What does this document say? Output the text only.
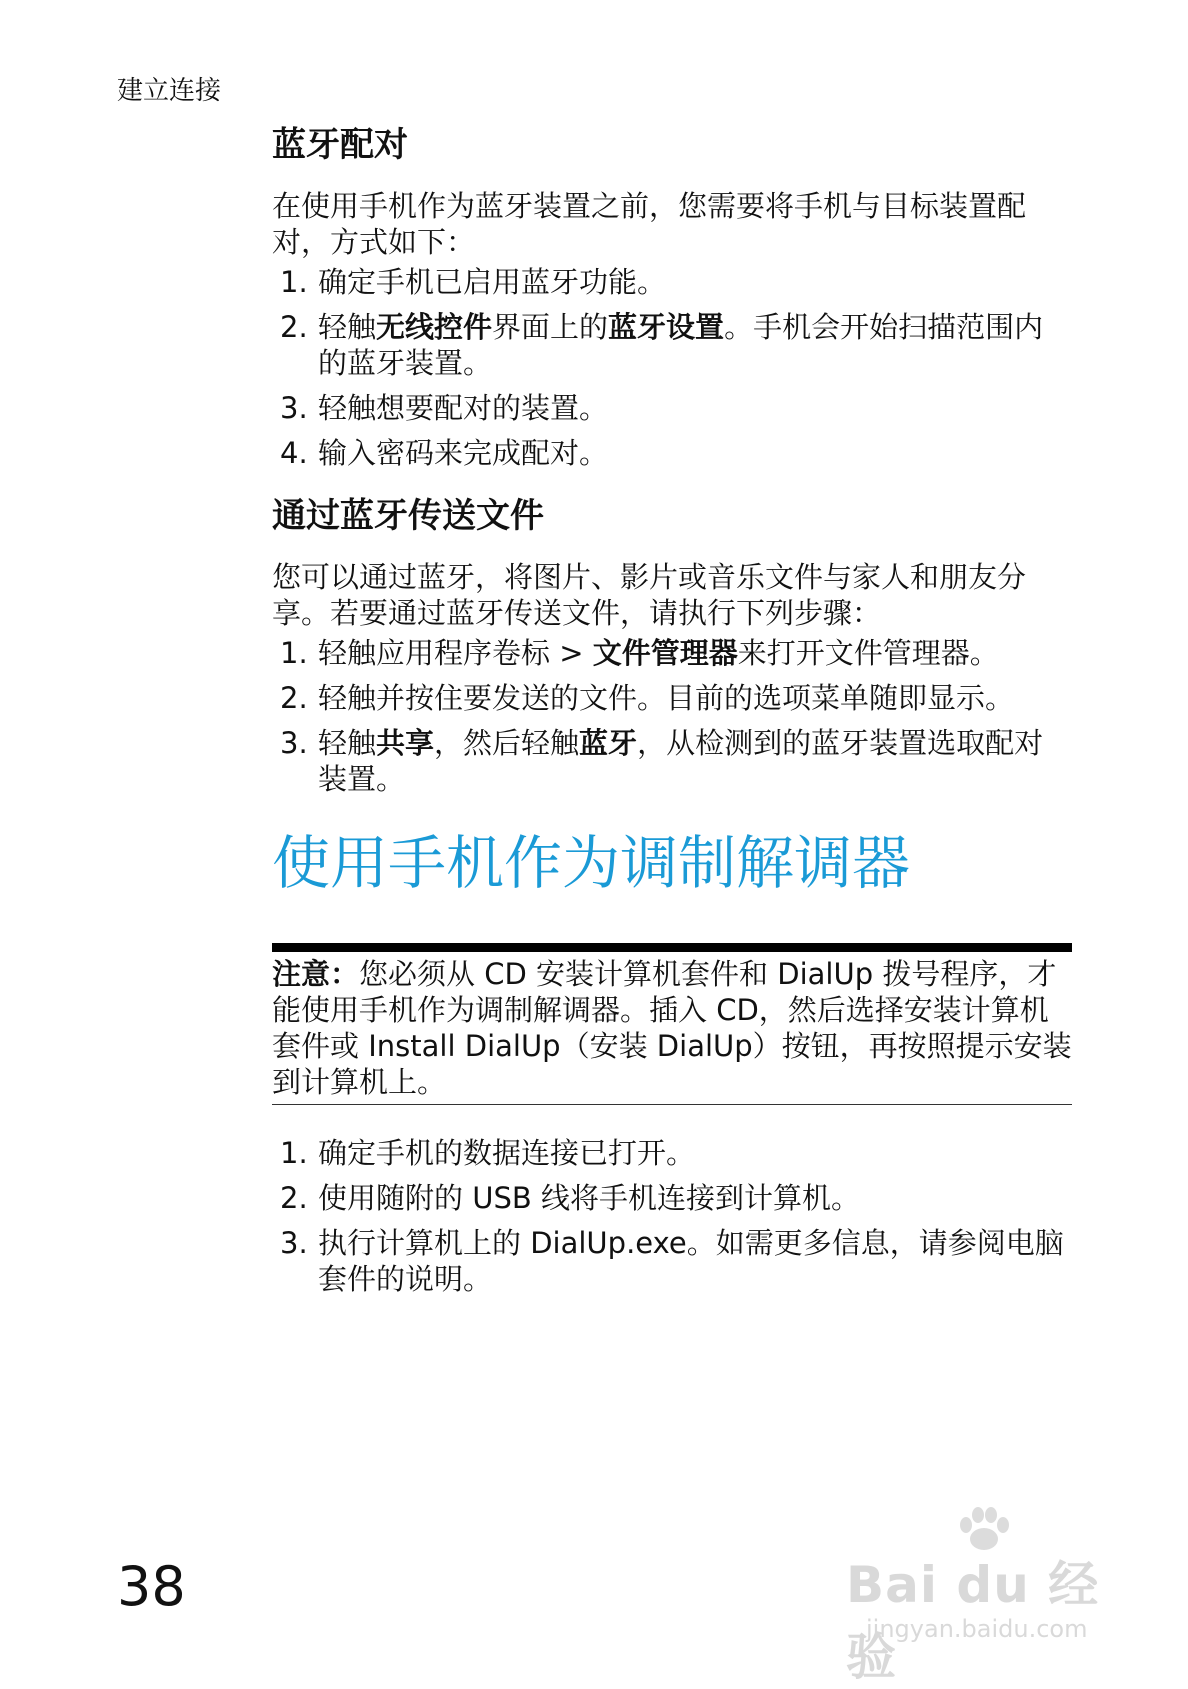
建立连接
蓝牙配对

在使用手机作为蓝牙装置之前，您需要将手机与目标装置配对，方式如下：

1. 确定手机已启用蓝牙功能。
2. 轻触无线控件界面上的蓝牙设置。手机会开始扫描范围内的蓝牙装置。
3. 轻触想要配对的装置。
4. 输入密码来完成配对。
通过蓝牙传送文件

您可以通过蓝牙，将图片、影片或音乐文件与家人和朋友分享。若要通过蓝牙传送文件，请执行下列步骤：

1. 轻触应用程序卷标 > 文件管理器来打开文件管理器。
2. 轻触并按住要发送的文件。目前的选项菜单随即显示。
3. 轻触共享，然后轻触蓝牙，从检测到的蓝牙装置选取配对装置。
使用手机作为调制解调器

注意：您必须从 CD 安装计算机套件和 DialUp 拨号程序，才能使用手机作为调制解调器。插入 CD，然后选择安装计算机套件或 Install DialUp（安装 DialUp）按钮，再按照提示安装到计算机上。

1. 确定手机的数据连接已打开。
2. 使用随附的 USB 线将手机连接到计算机。
3. 执行计算机上的 DialUp.exe。如需更多信息，请参阅电脑套件的说明。
38	Bai du 经验
jingyan.baidu.com
